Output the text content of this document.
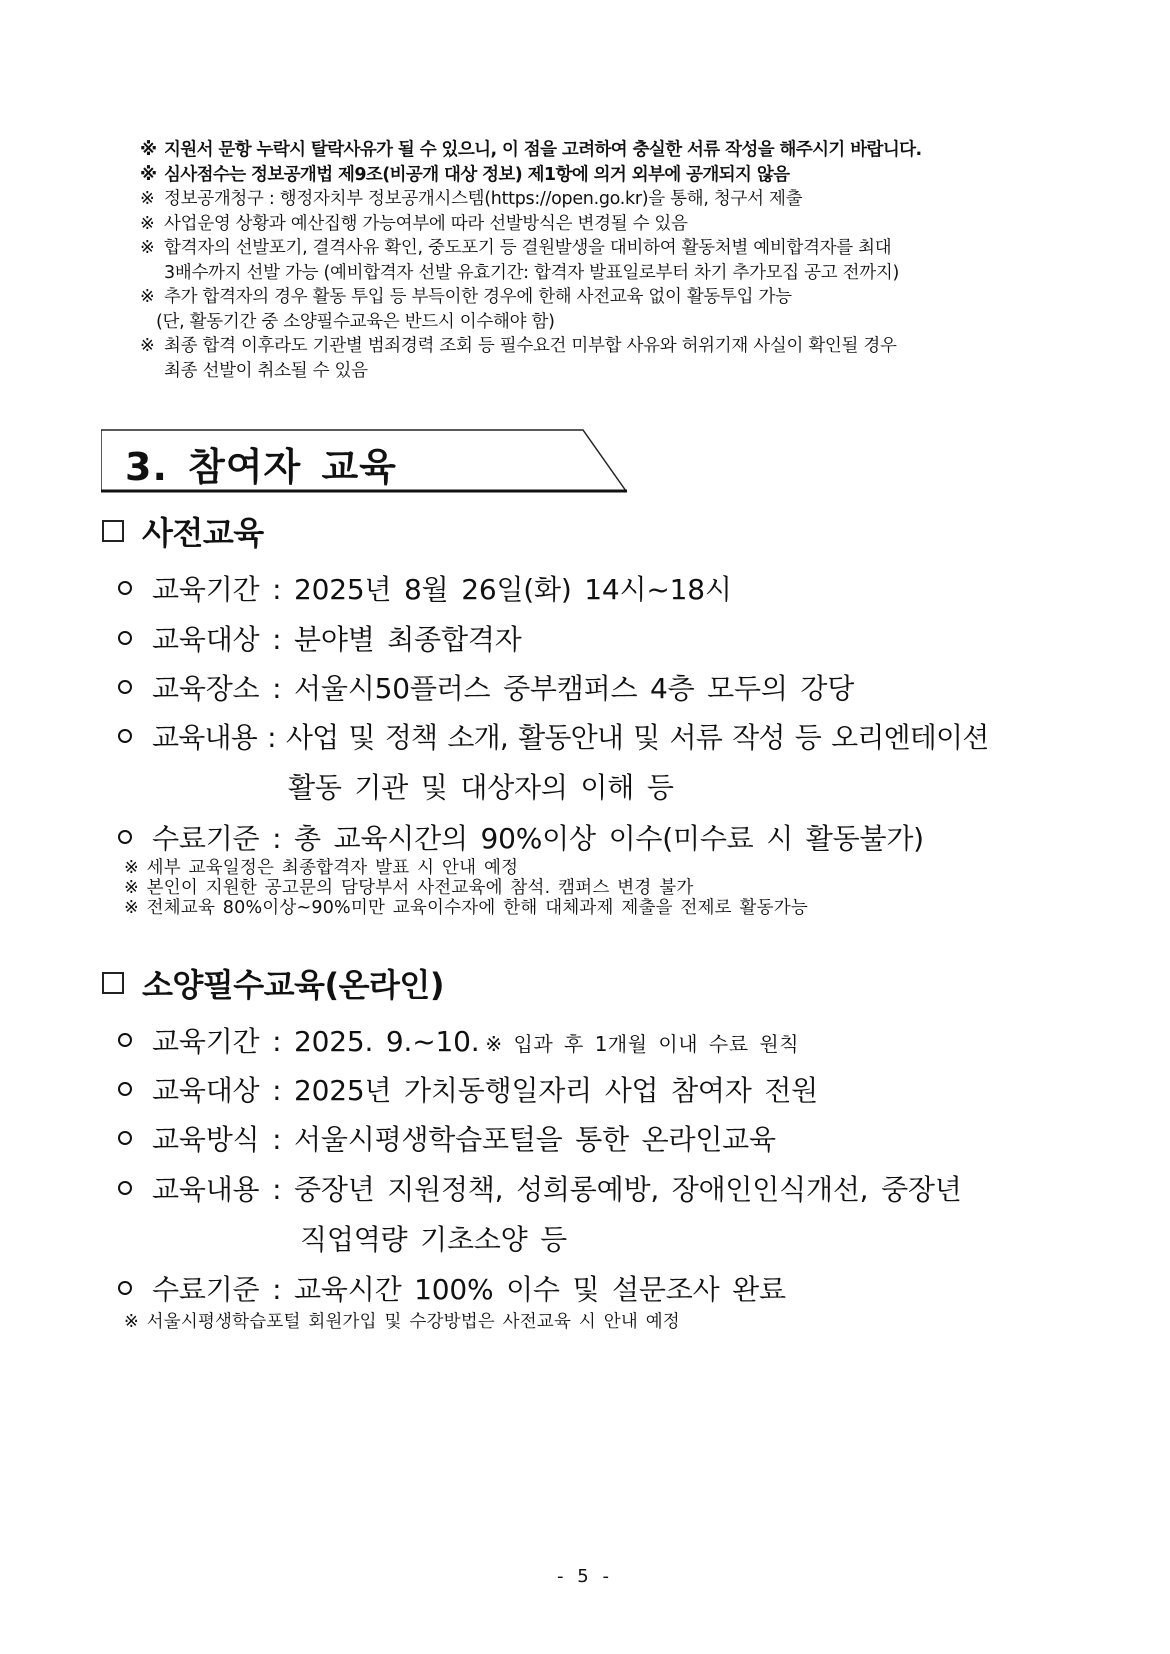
※ 지원서 문항 누락시 탈락사유가 될 수 있으니, 이 점을 고려하여 충실한 서류 작성을 해주시기 바랍니다.
※ 심사점수는 정보공개법 제9조(비공개 대상 정보) 제1항에 의거 외부에 공개되지 않음
※ 정보공개청구 : 행정자치부 정보공개시스템(https://open.go.kr)을 통해, 청구서 제출
※ 사업운영 상황과 예산집행 가능여부에 따라 선발방식은 변경될 수 있음
※ 합격자의 선발포기, 결격사유 확인, 중도포기 등 결원발생을 대비하여 활동처별 예비합격자를 최대
3배수까지 선발 가능 (예비합격자 선발 유효기간: 합격자 발표일로부터 차기 추가모집 공고 전까지)
※ 추가 합격자의 경우 활동 투입 등 부득이한 경우에 한해 사전교육 없이 활동투입 가능
(단, 활동기간 중 소양필수교육은 반드시 이수해야 함)
※ 최종 합격 이후라도 기관별 범죄경력 조회 등 필수요건 미부합 사유와 허위기재 사실이 확인될 경우
최종 선발이 취소될 수 있음
3. 참여자 교육
사전교육
교육기간 : 2025년 8월 26일(화) 14시~18시
교육대상 : 분야별 최종합격자
교육장소 : 서울시50플러스 중부캠퍼스 4층 모두의 강당
교육내용 : 사업 및 정책 소개, 활동안내 및 서류 작성 등 오리엔테이션
활동 기관 및 대상자의 이해 등
수료기준 : 총 교육시간의 90%이상 이수(미수료 시 활동불가)
※ 세부 교육일정은 최종합격자 발표 시 안내 예정
※ 본인이 지원한 공고문의 담당부서 사전교육에 참석. 캠퍼스 변경 불가
※ 전체교육 80%이상~90%미만 교육이수자에 한해 대체과제 제출을 전제로 활동가능
소양필수교육(온라인)
교육기간 : 2025. 9.~10. ※ 입과 후 1개월 이내 수료 원칙
교육대상 : 2025년 가치동행일자리 사업 참여자 전원
교육방식 : 서울시평생학습포털을 통한 온라인교육
교육내용 : 중장년 지원정책, 성희롱예방, 장애인인식개선, 중장년
직업역량 기초소양 등
수료기준 : 교육시간 100% 이수 및 설문조사 완료
※ 서울시평생학습포털 회원가입 및 수강방법은 사전교육 시 안내 예정
- 5 -
